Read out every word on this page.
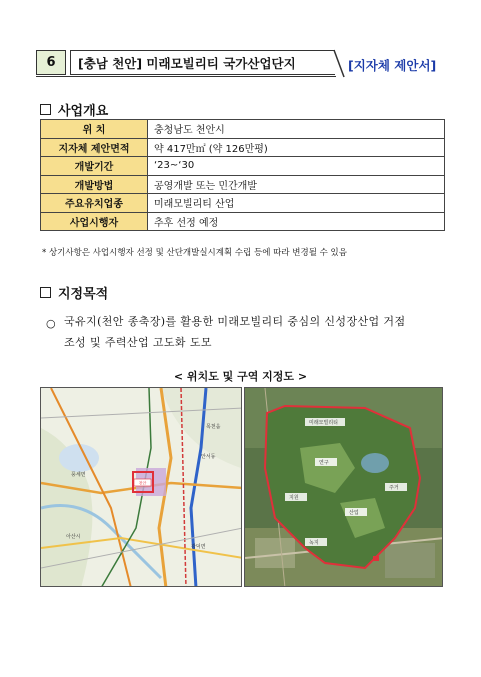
6	[충남 천안] 미래모빌리티 국가산업단지	[지자체 제안서]
사업개요
위 치	충청남도 천안시
지자체 제안면적	약 417만㎡ (약 126만평)
개발기간	‘23~‘30
개발방법	공영개발 또는 민간개발
주요유치업종	미래모빌리티 산업
사업시행자	추후 선정 예정
* 상기사항은 사업시행자 선정 및 산단개발실시계획 수립 등에 따라 변경될 수 있음
지정목적
○ 국유지(천안 종축장)를 활용한 미래모빌리티 중심의 신성장산업 거점
조성 및 주력산업 고도화 도모
< 위치도 및 구역 지정도 >
천안
풍세면
아산시
안서동
광덕면
목천읍
미래모빌리티
연구
산업
주거
지원
녹지
